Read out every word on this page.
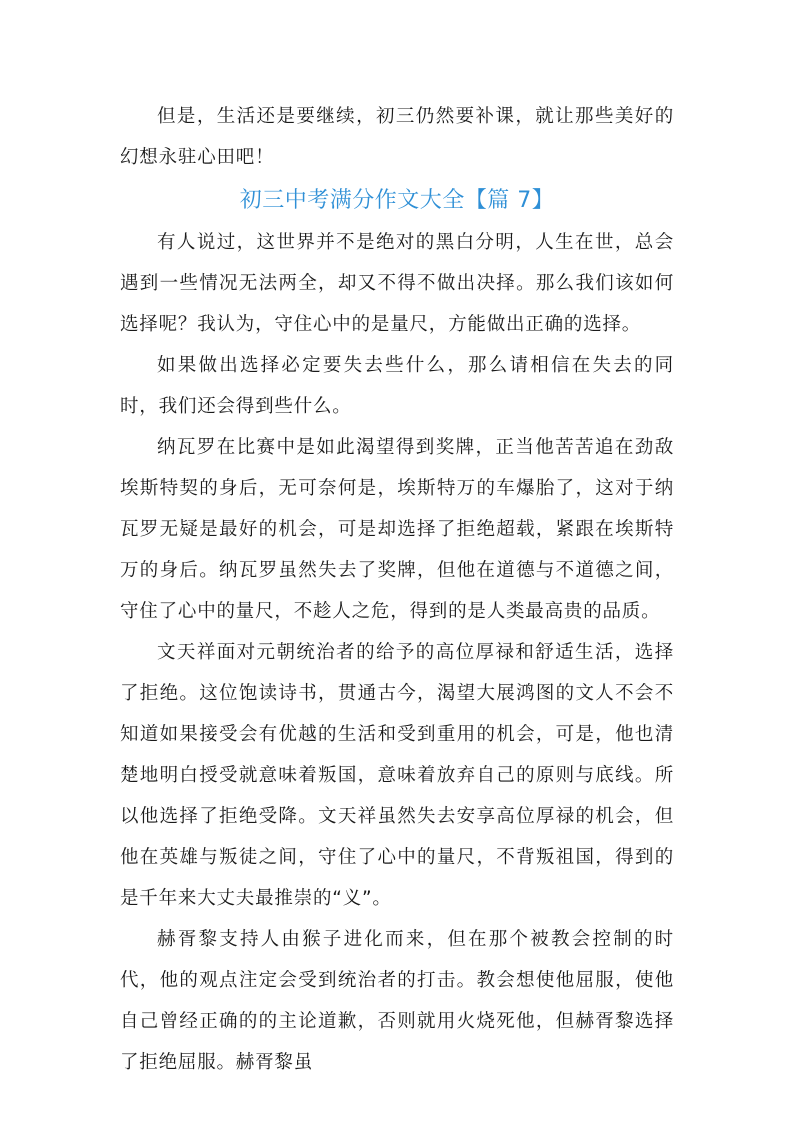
但是，生活还是要继续，初三仍然要补课，就让那些美好的幻想永驻心田吧！

初三中考满分作文大全【篇 7】

有人说过，这世界并不是绝对的黑白分明，人生在世，总会遇到一些情况无法两全，却又不得不做出决择。那么我们该如何选择呢？我认为，守住心中的是量尺，方能做出正确的选择。

如果做出选择必定要失去些什么，那么请相信在失去的同时，我们还会得到些什么。

纳瓦罗在比赛中是如此渴望得到奖牌，正当他苦苦追在劲敌埃斯特契的身后，无可奈何是，埃斯特万的车爆胎了，这对于纳瓦罗无疑是最好的机会，可是却选择了拒绝超载，紧跟在埃斯特万的身后。纳瓦罗虽然失去了奖牌，但他在道德与不道德之间，守住了心中的量尺，不趁人之危，得到的是人类最高贵的品质。

文天祥面对元朝统治者的给予的高位厚禄和舒适生活，选择了拒绝。这位饱读诗书，贯通古今，渴望大展鸿图的文人不会不知道如果接受会有优越的生活和受到重用的机会，可是，他也清楚地明白授受就意味着叛国，意味着放弃自己的原则与底线。所以他选择了拒绝受降。文天祥虽然失去安享高位厚禄的机会，但他在英雄与叛徒之间，守住了心中的量尺，不背叛祖国，得到的是千年来大丈夫最推崇的“义”。

赫胥黎支持人由猴子进化而来，但在那个被教会控制的时代，他的观点注定会受到统治者的打击。教会想使他屈服，使他自己曾经正确的的主论道歉，否则就用火烧死他，但赫胥黎选择了拒绝屈服。赫胥黎虽
